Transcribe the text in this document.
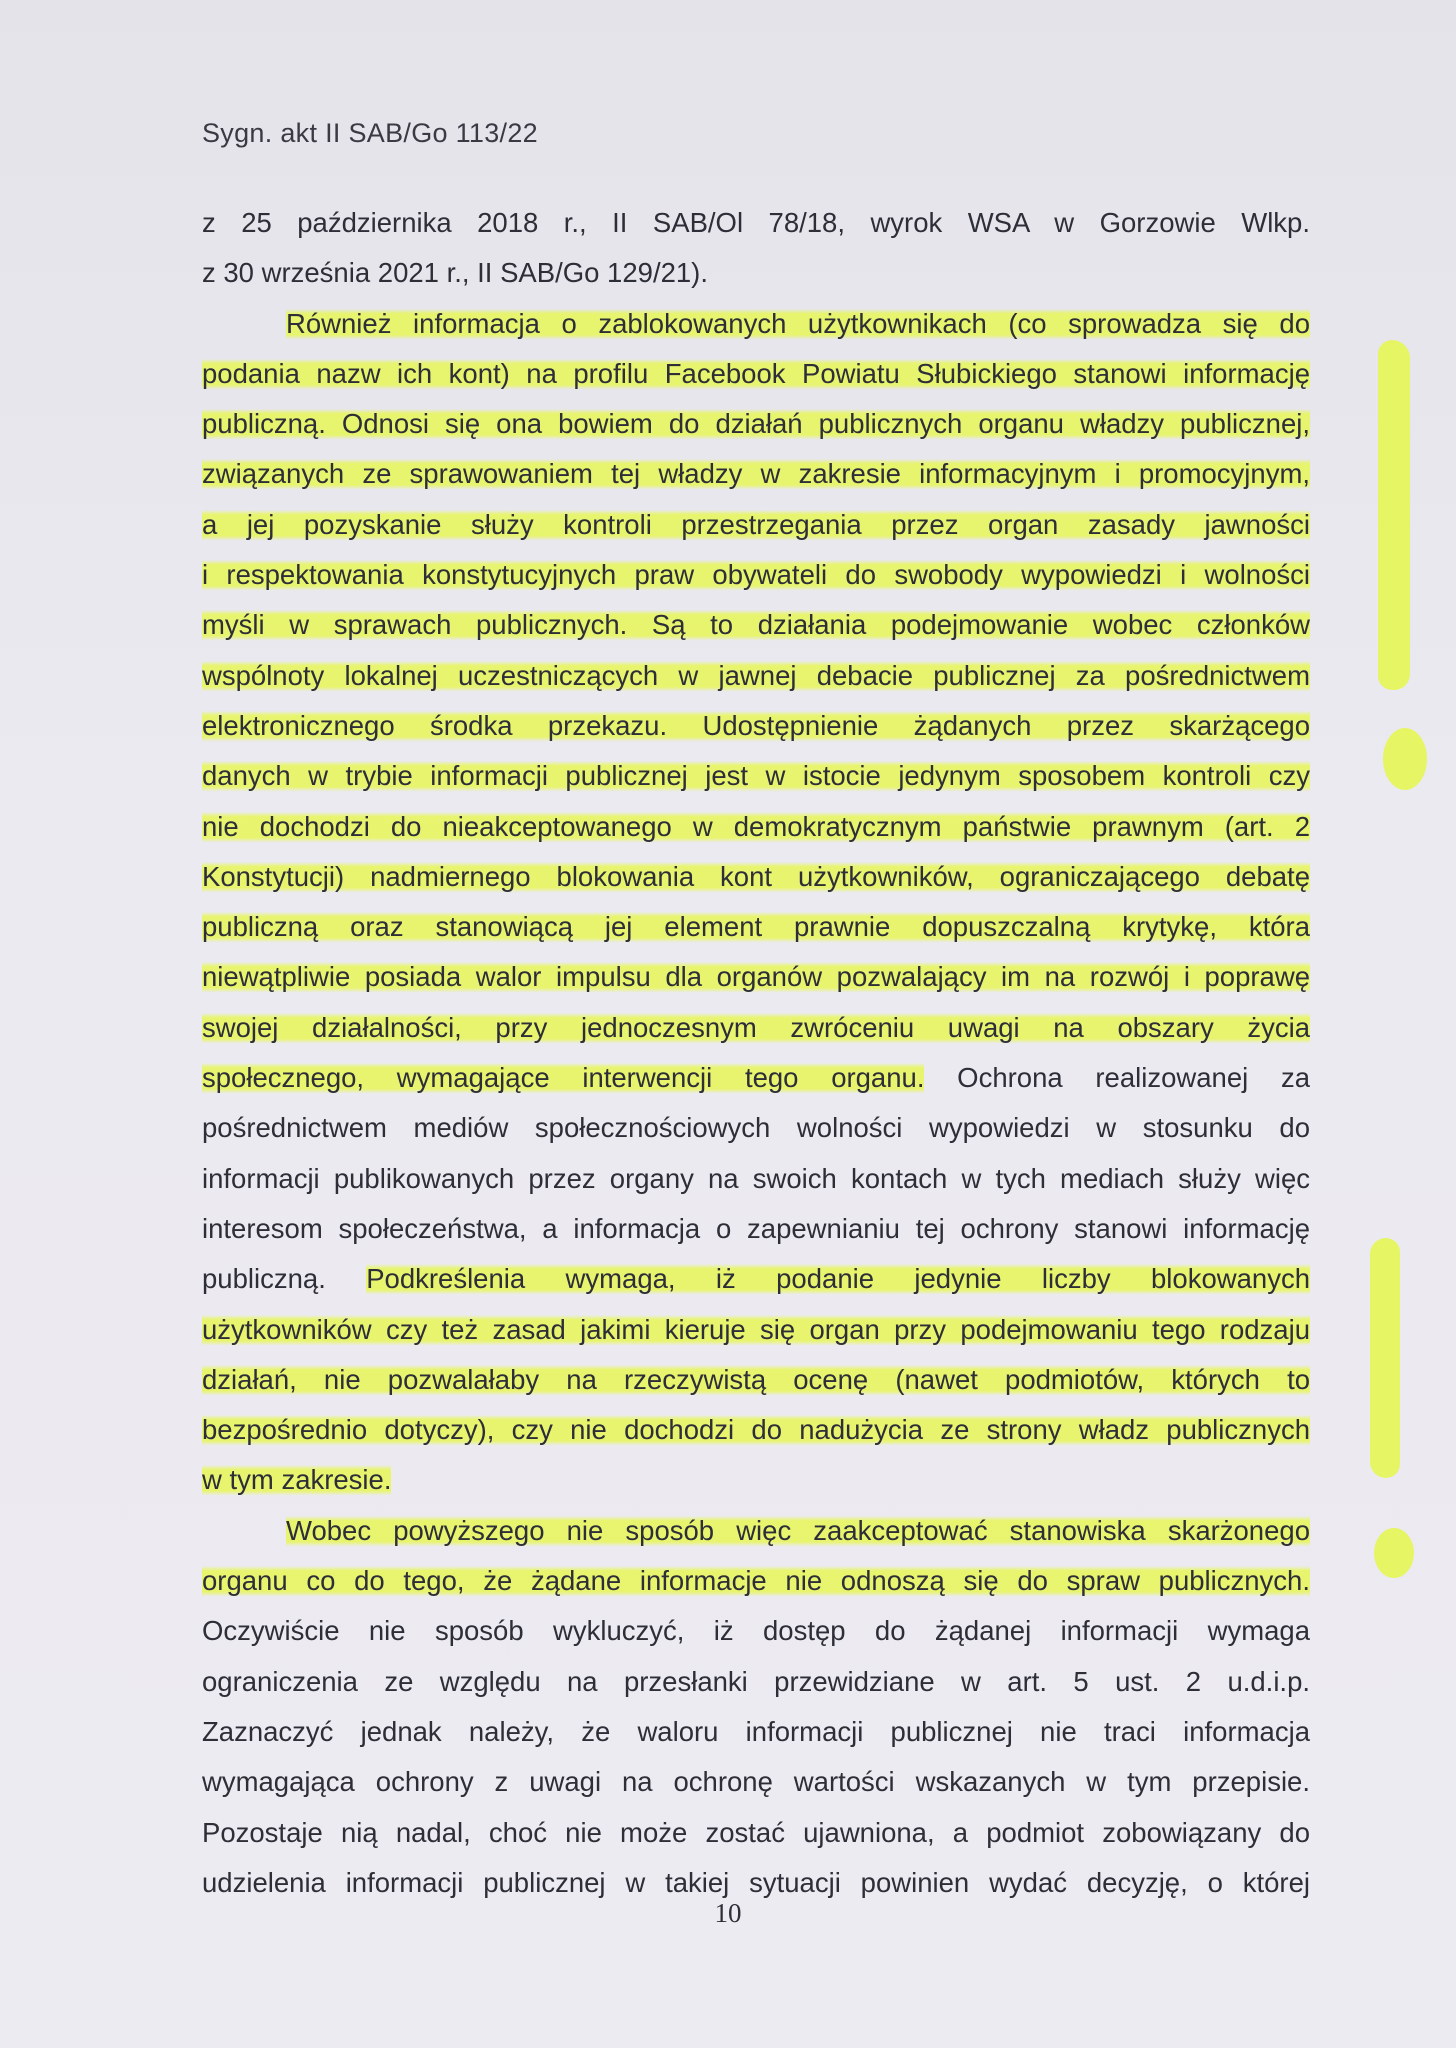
Sygn. akt II SAB/Go 113/22
z 25 października 2018 r., II SAB/Ol 78/18, wyrok WSA w Gorzowie Wlkp.
z 30 września 2021 r., II SAB/Go 129/21).
Również informacja o zablokowanych użytkownikach (co sprowadza się do
podania nazw ich kont) na profilu Facebook Powiatu Słubickiego stanowi informację
publiczną. Odnosi się ona bowiem do działań publicznych organu władzy publicznej,
związanych ze sprawowaniem tej władzy w zakresie informacyjnym i promocyjnym,
a jej pozyskanie służy kontroli przestrzegania przez organ zasady jawności
i respektowania konstytucyjnych praw obywateli do swobody wypowiedzi i wolności
myśli w sprawach publicznych. Są to działania podejmowanie wobec członków
wspólnoty lokalnej uczestniczących w jawnej debacie publicznej za pośrednictwem
elektronicznego środka przekazu. Udostępnienie żądanych przez skarżącego
danych w trybie informacji publicznej jest w istocie jedynym sposobem kontroli czy
nie dochodzi do nieakceptowanego w demokratycznym państwie prawnym (art. 2
Konstytucji) nadmiernego blokowania kont użytkowników, ograniczającego debatę
publiczną oraz stanowiącą jej element prawnie dopuszczalną krytykę, która
niewątpliwie posiada walor impulsu dla organów pozwalający im na rozwój i poprawę
swojej działalności, przy jednoczesnym zwróceniu uwagi na obszary życia
społecznego, wymagające interwencji tego organu. Ochrona realizowanej za
pośrednictwem mediów społecznościowych wolności wypowiedzi w stosunku do
informacji publikowanych przez organy na swoich kontach w tych mediach służy więc
interesom społeczeństwa, a informacja o zapewnianiu tej ochrony stanowi informację
publiczną. Podkreślenia wymaga, iż podanie jedynie liczby blokowanych
użytkowników czy też zasad jakimi kieruje się organ przy podejmowaniu tego rodzaju
działań, nie pozwalałaby na rzeczywistą ocenę (nawet podmiotów, których to
bezpośrednio dotyczy), czy nie dochodzi do nadużycia ze strony władz publicznych
w tym zakresie.
Wobec powyższego nie sposób więc zaakceptować stanowiska skarżonego
organu co do tego, że żądane informacje nie odnoszą się do spraw publicznych.
Oczywiście nie sposób wykluczyć, iż dostęp do żądanej informacji wymaga
ograniczenia ze względu na przesłanki przewidziane w art. 5 ust. 2 u.d.i.p.
Zaznaczyć jednak należy, że waloru informacji publicznej nie traci informacja
wymagająca ochrony z uwagi na ochronę wartości wskazanych w tym przepisie.
Pozostaje nią nadal, choć nie może zostać ujawniona, a podmiot zobowiązany do
udzielenia informacji publicznej w takiej sytuacji powinien wydać decyzję, o której
10
